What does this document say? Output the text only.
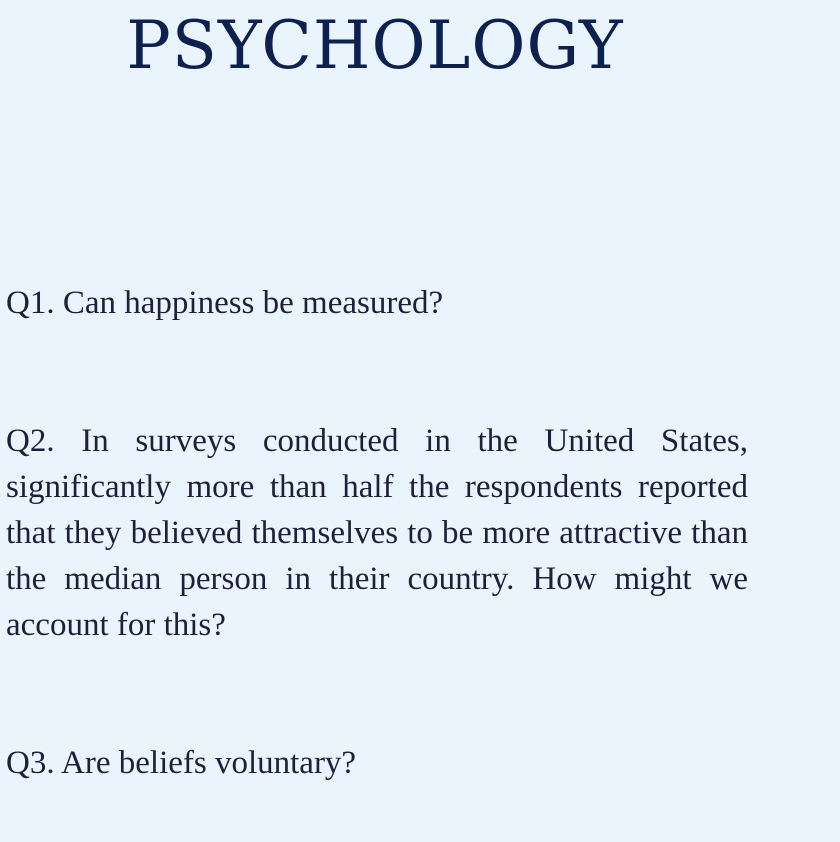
PSYCHOLOGY

Q1. Can happiness be measured?

Q2. In surveys conducted in the United States, significantly more than half the respondents reported that they believed themselves to be more attractive than the median person in their country. How might we account for this?

Q3. Are beliefs voluntary?
